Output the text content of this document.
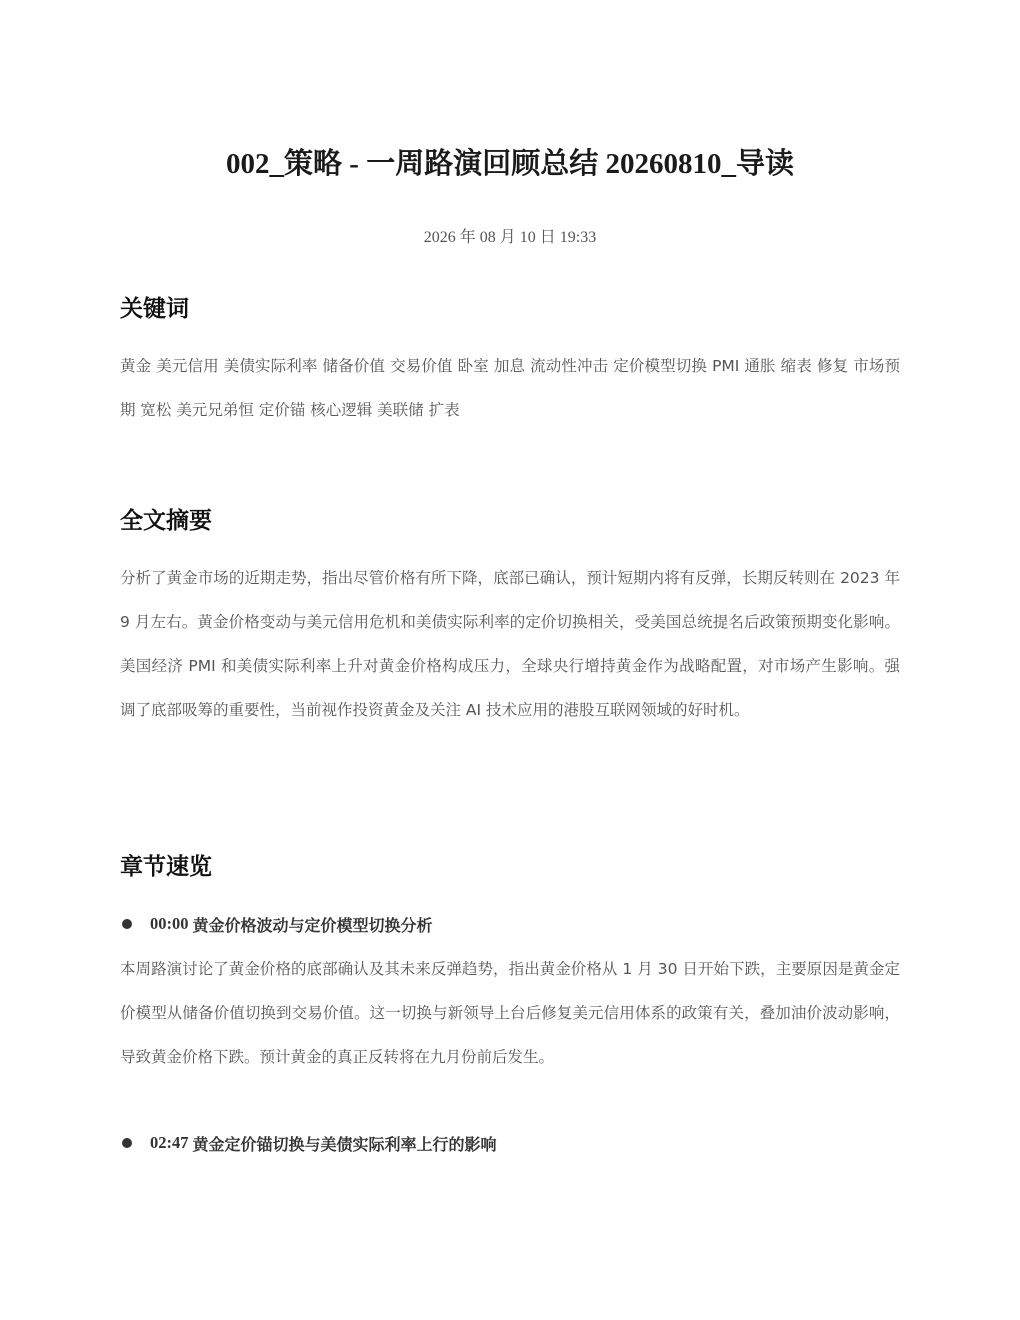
002_策略 - 一周路演回顾总结 20260810_导读
2026 年 08 月 10 日 19:33
关键词

黄金 美元信用 美债实际利率 储备价值 交易价值 卧室 加息 流动性冲击 定价模型切换 PMI 通胀 缩表 修复 市场预期 宽松 美元兄弟恒 定价锚 核心逻辑 美联储 扩表

全文摘要

分析了黄金市场的近期走势，指出尽管价格有所下降，底部已确认，预计短期内将有反弹，长期反转则在 2023 年 9 月左右。黄金价格变动与美元信用危机和美债实际利率的定价切换相关，受美国总统提名后政策预期变化影响。美国经济 PMI 和美债实际利率上升对黄金价格构成压力，全球央行增持黄金作为战略配置，对市场产生影响。强调了底部吸筹的重要性，当前视作投资黄金及关注 AI 技术应用的港股互联网领域的好时机。

章节速览
00:00 黄金价格波动与定价模型切换分析

本周路演讨论了黄金价格的底部确认及其未来反弹趋势，指出黄金价格从 1 月 30 日开始下跌，主要原因是黄金定价模型从储备价值切换到交易价值。这一切换与新领导上台后修复美元信用体系的政策有关，叠加油价波动影响，导致黄金价格下跌。预计黄金的真正反转将在九月份前后发生。

02:47 黄金定价锚切换与美债实际利率上行的影响
